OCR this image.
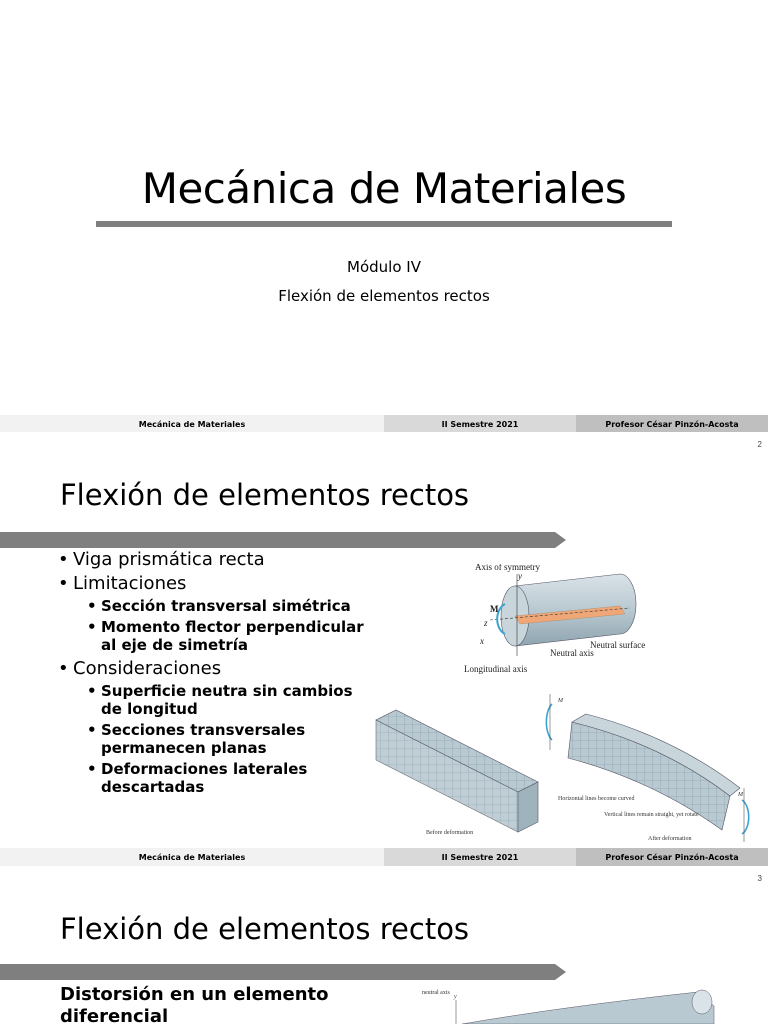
Mecánica de Materiales
Módulo IV
Flexión de elementos rectos
Mecánica de Materiales	II Semestre 2021	Profesor César Pinzón-Acosta
2
Flexión de elementos rectos
• Viga prismática recta
• Limitaciones
• Sección transversal simétrica
• Momento flector perpendicular al eje de simetría
• Consideraciones
• Superficie neutra sin cambios de longitud
• Secciones transversales permanecen planas
• Deformaciones laterales descartadas
Axis of symmetry
y
M
z
x	Neutral surface
Neutral axis
Longitudinal axis
Before deformation
M
M
Horizontal lines become curved
Vertical lines remain straight, yet rotate
After deformation
Mecánica de Materiales	II Semestre 2021	Profesor César Pinzón-Acosta
3
Flexión de elementos rectos
Distorsión en un elemento diferencial
neutral axis
y
